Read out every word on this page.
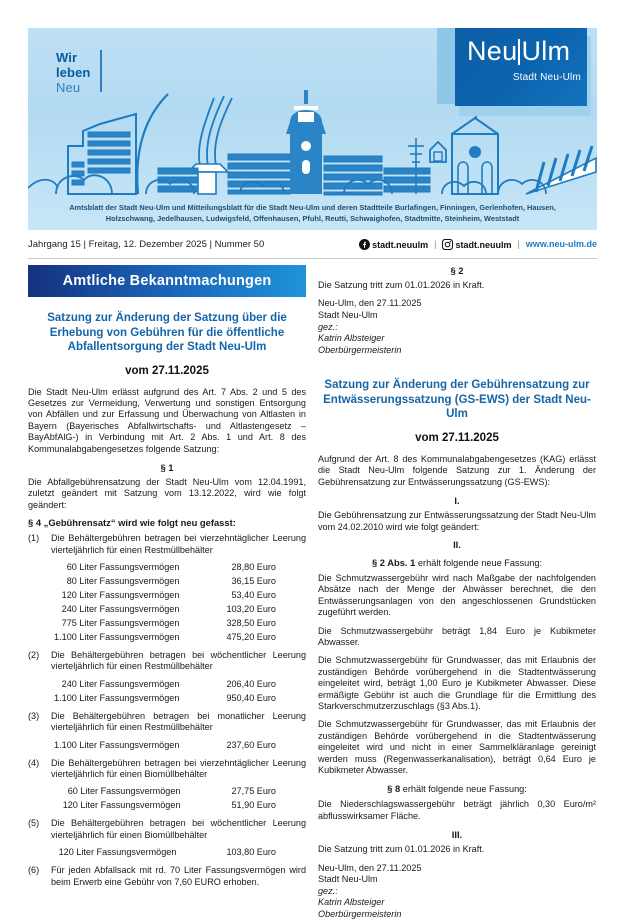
Wir
leben
Neu
Neu Ulm
Stadt Neu-Ulm
Amtsblatt der Stadt Neu-Ulm und Mitteilungsblatt für die Stadt Neu-Ulm und deren Stadtteile Burlafingen, Finningen, Gerlenhofen, Hausen, Holzschwang, Jedelhausen, Ludwigsfeld, Offenhausen, Pfuhl, Reutti, Schwaighofen, Stadtmitte, Steinheim, Weststadt
Jahrgang 15 | Freitag, 12. Dezember 2025 | Nummer 50	stadt.neuulm |	stadt.neuulm | www.neu-ulm.de
Amtliche Bekanntmachungen
Satzung zur Änderung der Satzung über die Erhebung von Gebühren für die öffentliche Abfallentsorgung der Stadt Neu-Ulm
vom 27.11.2025

Die Stadt Neu-Ulm erlässt aufgrund des Art. 7 Abs. 2 und 5 des Gesetzes zur Vermeidung, Verwertung und sonstigen Entsorgung von Abfällen und zur Erfassung und Überwachung von Altlasten in Bayern (Bayerisches Abfallwirtschafts- und Altlastengesetz –BayAbfAlG-) in Verbindung mit Art. 2 Abs. 1 und Art. 8 des Kommunalabgabengesetzes folgende Satzung:

§ 1

Die Abfallgebührensatzung der Stadt Neu-Ulm vom 12.04.1991, zuletzt geändert mit Satzung vom 13.12.2022, wird wie folgt geändert:

§ 4 „Gebührensatz“ wird wie folgt neu gefasst:
(1)	Die Behältergebühren betragen bei vierzehntäglicher Leerung vierteljährlich für einen Restmüllbehälter
60 Liter Fassungsvermögen	28,80 Euro
80 Liter Fassungsvermögen	36,15 Euro
120 Liter Fassungsvermögen	53,40 Euro
240 Liter Fassungsvermögen	103,20 Euro
775 Liter Fassungsvermögen	328,50 Euro
1.100 Liter Fassungsvermögen	475,20 Euro
(2)	Die Behältergebühren betragen bei wöchentlicher Leerung vierteljährlich für einen Restmüllbehälter
240 Liter Fassungsvermögen	206,40 Euro
1.100 Liter Fassungsvermögen	950,40 Euro
(3)	Die Behältergebühren betragen bei monatlicher Leerung vierteljährlich für einen Restmüllbehälter
1.100 Liter Fassungsvermögen	237,60 Euro
(4)	Die Behältergebühren betragen bei vierzehntäglicher Leerung vierteljährlich für einen Biomüllbehälter
60 Liter Fassungsvermögen	27,75 Euro
120 Liter Fassungsvermögen	51,90 Euro
(5)	Die Behältergebühren betragen bei wöchentlicher Leerung vierteljährlich für einen Biomüllbehälter
120 Liter Fassungsvermögen	103,80 Euro
(6)	Für jeden Abfallsack mit rd. 70 Liter Fassungsvermögen wird beim Erwerb eine Gebühr von 7,60 EURO erhoben.
§ 2

Die Satzung tritt zum 01.01.2026 in Kraft.

Neu-Ulm, den 27.11.2025
Stadt Neu-Ulm
gez.:
Katrin Albsteiger
Oberbürgermeisterin
Satzung zur Änderung der Gebührensatzung zur Entwässerungssatzung (GS-EWS) der Stadt Neu-Ulm
vom 27.11.2025

Aufgrund der Art. 8 des Kommunalabgabengesetzes (KAG) erlässt die Stadt Neu-Ulm folgende Satzung zur 1. Änderung der Gebührensatzung zur Entwässerungssatzung (GS-EWS):

I.

Die Gebührensatzung zur Entwässerungssatzung der Stadt Neu-Ulm vom 24.02.2010 wird wie folgt geändert:

II.
§ 2 Abs. 1 erhält folgende neue Fassung:

Die Schmutzwassergebühr wird nach Maßgabe der nachfolgenden Absätze nach der Menge der Abwässer berechnet, die den Entwässerungsanlagen von den angeschlossenen Grundstücken zugeführt werden.

Die Schmutzwassergebühr beträgt 1,84 Euro je Kubikmeter Abwasser.

Die Schmutzwassergebühr für Grundwasser, das mit Erlaubnis der zuständigen Behörde vorübergehend in die Stadtentwässerung eingeleitet wird, beträgt 1,00 Euro je Kubikmeter Abwasser. Diese ermäßigte Gebühr ist auch die Grundlage für die Ermittlung des Starkverschmutzerzuschlags (§3 Abs.1).

Die Schmutzwassergebühr für Grundwasser, das mit Erlaubnis der zuständigen Behörde vorübergehend in die Stadtentwässerung eingeleitet wird und nicht in einer Sammelkläranlage gereinigt werden muss (Regenwasserkanalisation), beträgt 0,64 Euro je Kubikmeter Abwasser.

§ 8 erhält folgende neue Fassung:

Die Niederschlagswassergebühr beträgt jährlich 0,30 Euro/m² abflusswirksamer Fläche.

III.

Die Satzung tritt zum 01.01.2026 in Kraft.

Neu-Ulm, den 27.11.2025
Stadt Neu-Ulm
gez.:
Katrin Albsteiger
Oberbürgermeisterin
